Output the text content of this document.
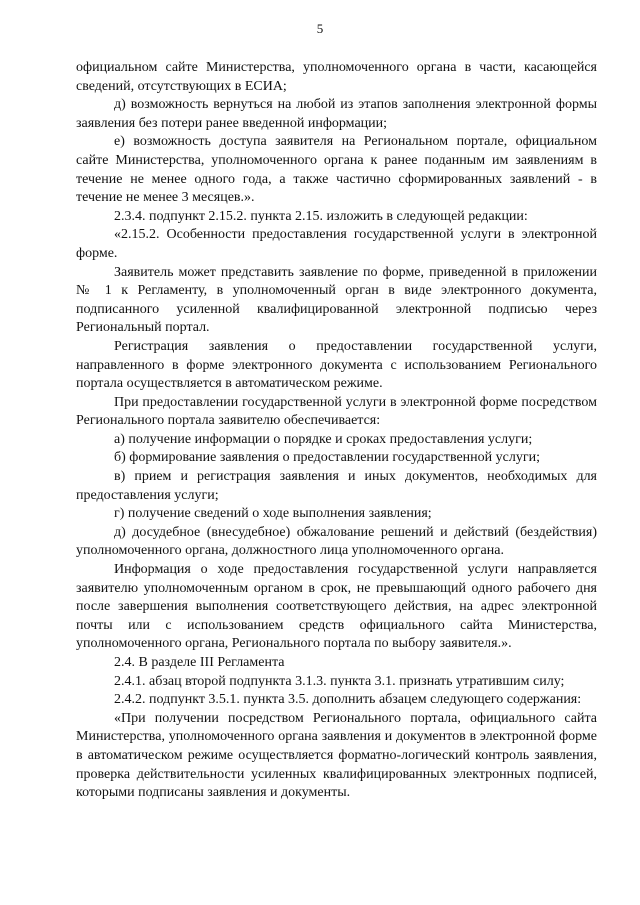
5

официальном сайте Министерства, уполномоченного органа в части, касающейся сведений, отсутствующих в ЕСИА;

д) возможность вернуться на любой из этапов заполнения электронной формы заявления без потери ранее введенной информации;

е) возможность доступа заявителя на Региональном портале, официальном сайте Министерства, уполномоченного органа к ранее поданным им заявлениям в течение не менее одного года, а также частично сформированных заявлений - в течение не менее 3 месяцев.».

2.3.4. подпункт 2.15.2. пункта 2.15. изложить в следующей редакции:

«2.15.2. Особенности предоставления государственной услуги в электронной форме.

Заявитель может представить заявление по форме, приведенной в приложении № 1 к Регламенту, в уполномоченный орган в виде электронного документа, подписанного усиленной квалифицированной электронной подписью через Региональный портал.

Регистрация заявления о предоставлении государственной услуги, направленного в форме электронного документа с использованием Регионального портала осуществляется в автоматическом режиме.

При предоставлении государственной услуги в электронной форме посредством Регионального портала заявителю обеспечивается:

а) получение информации о порядке и сроках предоставления услуги;

б) формирование заявления о предоставлении государственной услуги;

в) прием и регистрация заявления и иных документов, необходимых для предоставления услуги;

г) получение сведений о ходе выполнения заявления;

д) досудебное (внесудебное) обжалование решений и действий (бездействия) уполномоченного органа, должностного лица уполномоченного органа.

Информация о ходе предоставления государственной услуги направляется заявителю уполномоченным органом в срок, не превышающий одного рабочего дня после завершения выполнения соответствующего действия, на адрес электронной почты или с использованием средств официального сайта Министерства, уполномоченного органа, Регионального портала по выбору заявителя.».

2.4. В разделе III Регламента

2.4.1. абзац второй подпункта 3.1.3. пункта 3.1. признать утратившим силу;

2.4.2. подпункт 3.5.1. пункта 3.5. дополнить абзацем следующего содержания:

«При получении посредством Регионального портала, официального сайта Министерства, уполномоченного органа заявления и документов в электронной форме в автоматическом режиме осуществляется форматно-логический контроль заявления, проверка действительности усиленных квалифицированных электронных подписей, которыми подписаны заявления и документы.
